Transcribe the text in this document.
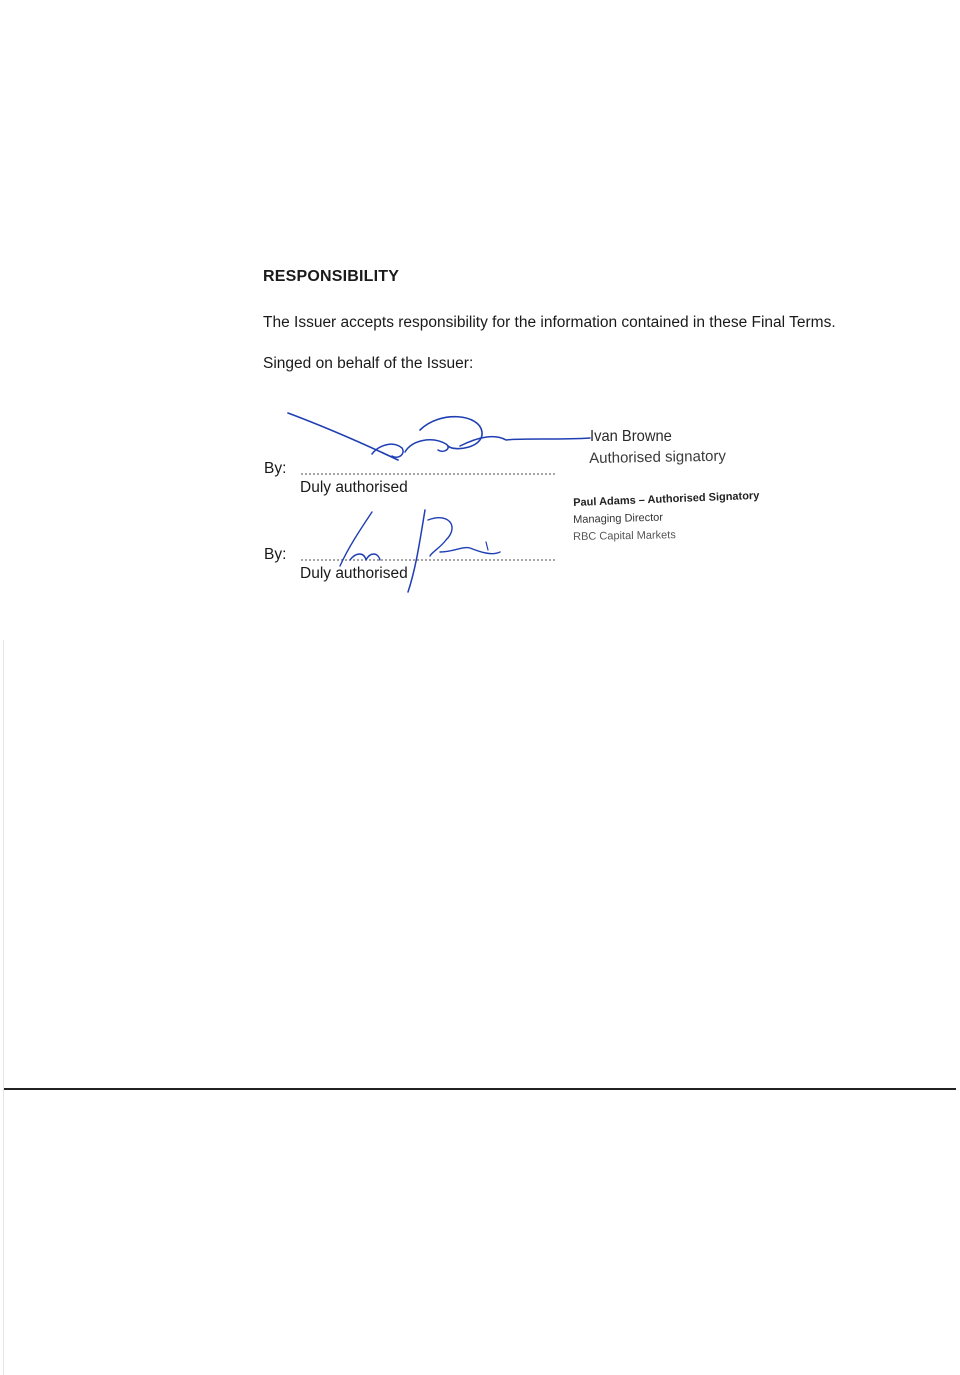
RESPONSIBILITY
The Issuer accepts responsibility for the information contained in these Final Terms.
Singed on behalf of the Issuer:
By:
Duly authorised
Ivan Browne
Authorised signatory
By:
Duly authorised
Paul Adams – Authorised Signatory
Managing Director
RBC Capital Markets
